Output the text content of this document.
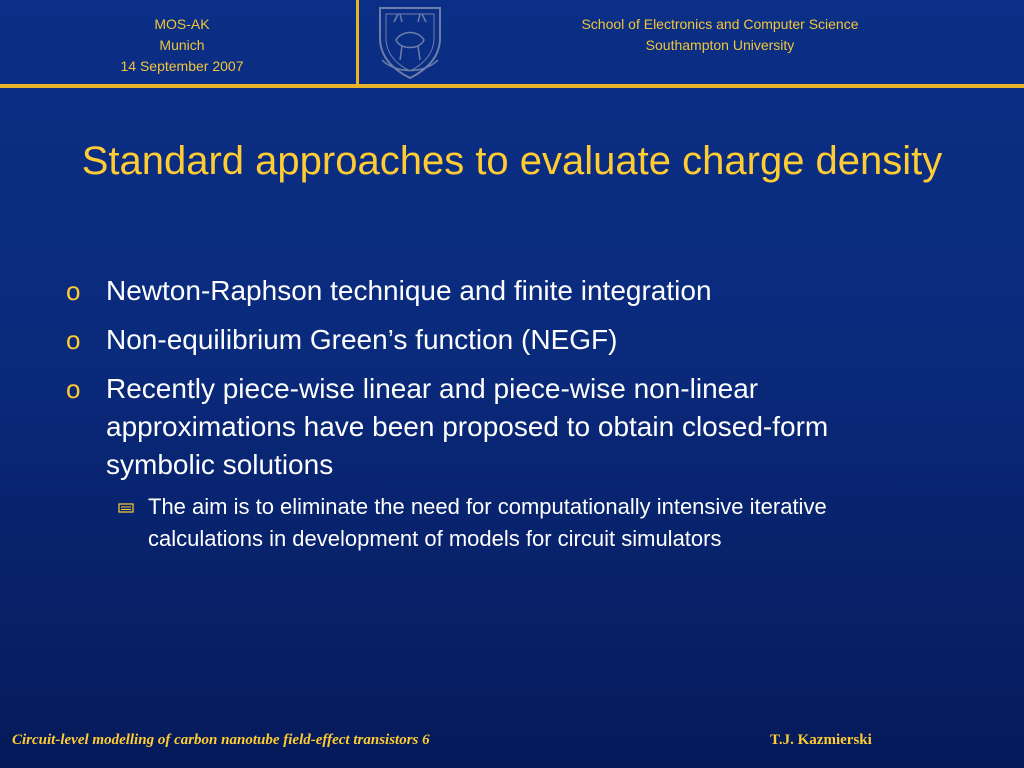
MOS-AK
Munich
14 September 2007
School of Electronics and Computer Science
Southampton University
Standard approaches to evaluate charge density
o Newton-Raphson technique and finite integration
o Non-equilibrium Green’s function (NEGF)
o Recently piece-wise linear and piece-wise non-linear approximations have been proposed to obtain closed-form symbolic solutions
The aim is to eliminate the need for computationally intensive iterative calculations in development of models for circuit simulators
Circuit-level modelling of carbon nanotube field-effect transistors 6	T.J. Kazmierski
